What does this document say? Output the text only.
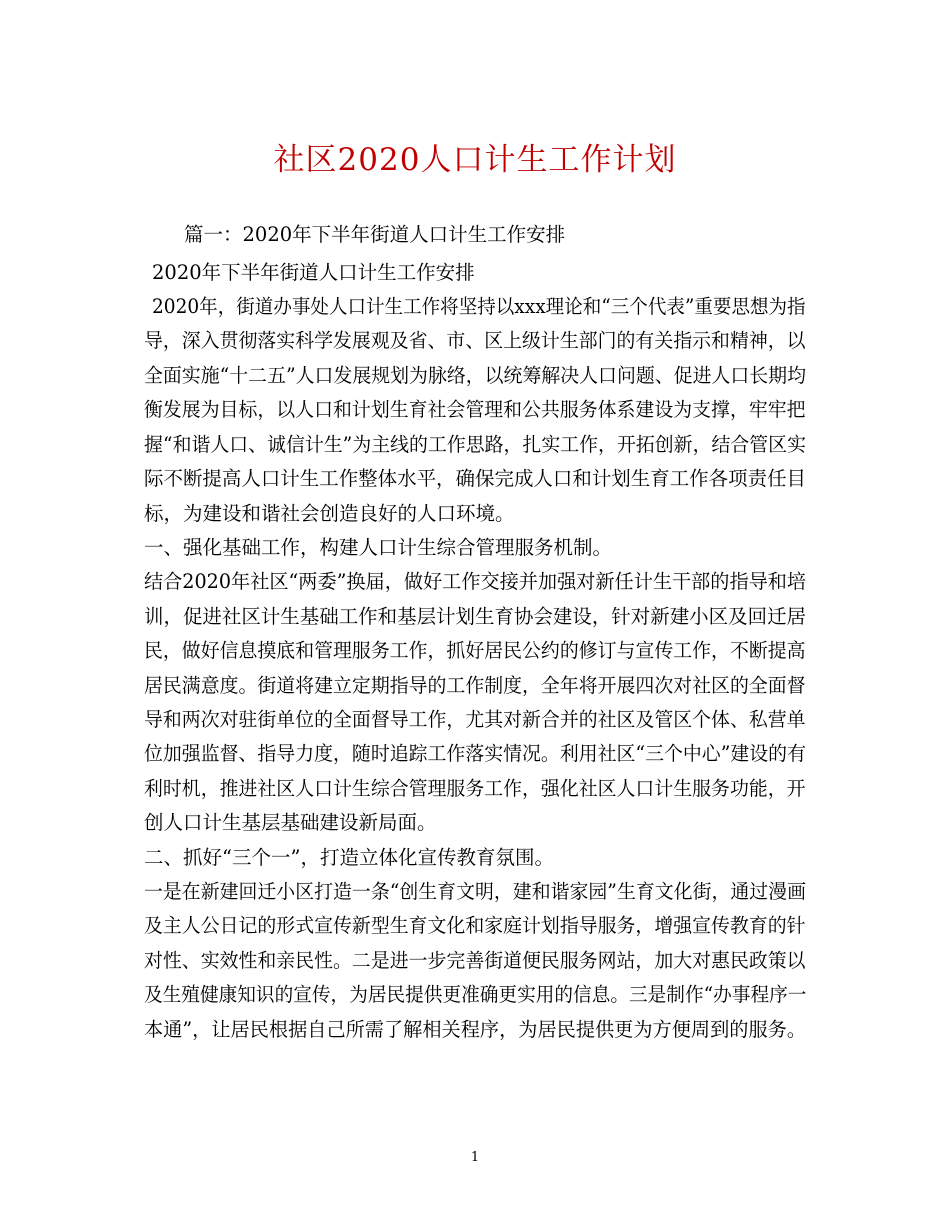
社区2020人口计生工作计划
篇一：2020年下半年街道人口计生工作安排
2020年下半年街道人口计生工作安排
2020年，街道办事处人口计生工作将坚持以xxx理论和“三个代表”重要思想为指
导，深入贯彻落实科学发展观及省、市、区上级计生部门的有关指示和精神，以
全面实施“十二五”人口发展规划为脉络，以统筹解决人口问题、促进人口长期均
衡发展为目标，以人口和计划生育社会管理和公共服务体系建设为支撑，牢牢把
握“和谐人口、诚信计生”为主线的工作思路，扎实工作，开拓创新，结合管区实
际不断提高人口计生工作整体水平，确保完成人口和计划生育工作各项责任目
标，为建设和谐社会创造良好的人口环境。
一、强化基础工作，构建人口计生综合管理服务机制。
结合2020年社区“两委”换届，做好工作交接并加强对新任计生干部的指导和培
训，促进社区计生基础工作和基层计划生育协会建设，针对新建小区及回迁居
民，做好信息摸底和管理服务工作，抓好居民公约的修订与宣传工作，不断提高
居民满意度。街道将建立定期指导的工作制度，全年将开展四次对社区的全面督
导和两次对驻街单位的全面督导工作，尤其对新合并的社区及管区个体、私营单
位加强监督、指导力度，随时追踪工作落实情况。利用社区“三个中心”建设的有
利时机，推进社区人口计生综合管理服务工作，强化社区人口计生服务功能，开
创人口计生基层基础建设新局面。
二、抓好“三个一”，打造立体化宣传教育氛围。
一是在新建回迁小区打造一条“创生育文明，建和谐家园”生育文化街，通过漫画
及主人公日记的形式宣传新型生育文化和家庭计划指导服务，增强宣传教育的针
对性、实效性和亲民性。二是进一步完善街道便民服务网站，加大对惠民政策以
及生殖健康知识的宣传，为居民提供更准确更实用的信息。三是制作“办事程序一
本通”，让居民根据自己所需了解相关程序，为居民提供更为方便周到的服务。
1
